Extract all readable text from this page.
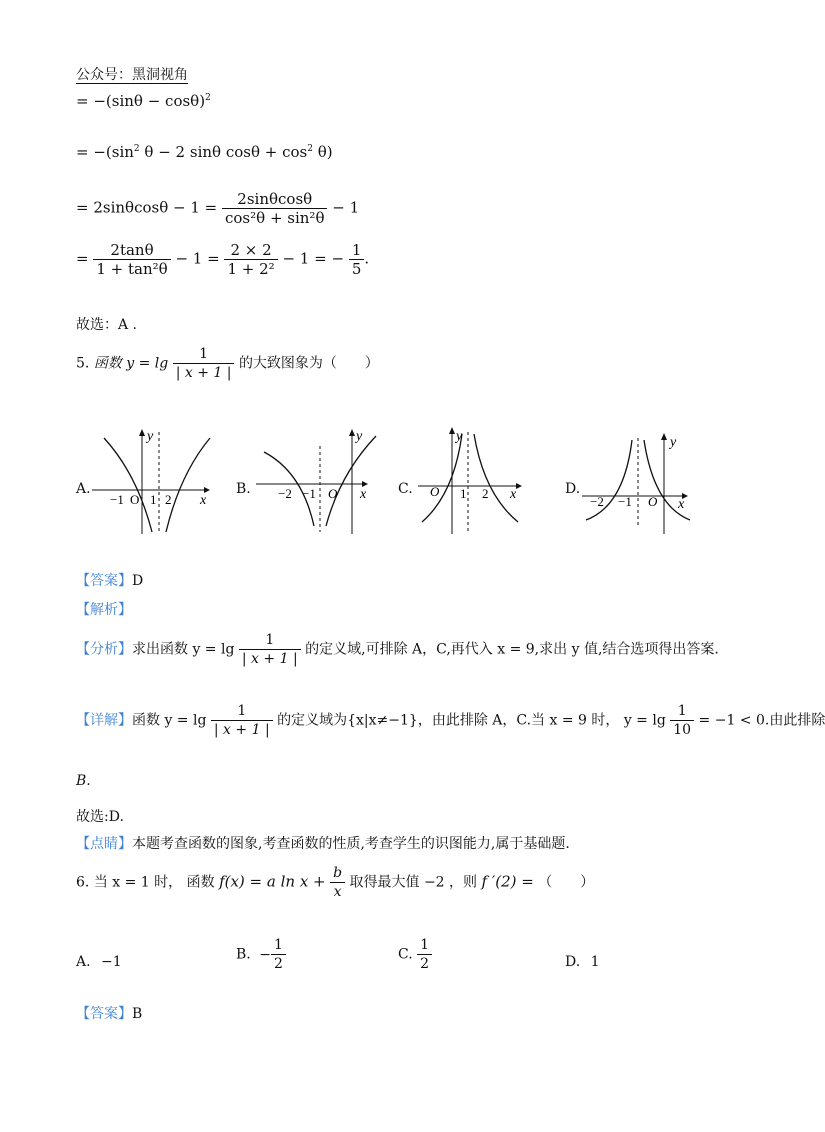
公众号：黑洞视角
= $-(\sin\theta - \cos\theta)^2$
= $-(\sin^2$ θ − 2 sinθ $\cos\theta + \cos^2 \theta$)
= $2\sin\theta\cos\theta - 1 = \frac{2\sin\theta\cos\theta}{\text{cos²θ + sin²θ}} - 1$
= $\frac{2\tan\theta}{\text{1 + tan²θ}} - 1 = \frac{2 \times 2}{\text{1 + 2²}} - 1$ = − $\frac{1}{5}$ .
故选：A .
5. 函数 $y = \lg \frac{1}{| x + 1 |}$ 的大致图象为（　　）
A.
−1 O 1 2 x
y
B. −2 −1 O x
y
C. O 1 2 x
y
D.
−2 −1 O x
y
【答案】D
【解析】
【分析】求出函数 $y = \lg \frac{1}{| x + 1 |}$ 的定义域,可排除 A，C,再代入 x = 9,求出 y 值,结合选项得出答案.
【详解】函数 $y = \lg \frac{1}{| x + 1 |}$ 的定义域为{x|x≠−1}，由此排除 A，C.当 x = 9 时， $y = \lg \frac{1}{10} = -1 < 0$.由此排除
B.
故选:D.
【点睛】本题考查函数的图象,考查函数的性质,考查学生的识图能力,属于基础题.
6. 当 x = 1 时， 函数 f(x) = a $\ln x + \frac{b}{x}$ 取得最大值 −2 ，则 f ′(2) = （　　）
A. −1	B. − $\frac{1}{2}$	C. $\frac{1}{2}$	D. 1
【答案】B
